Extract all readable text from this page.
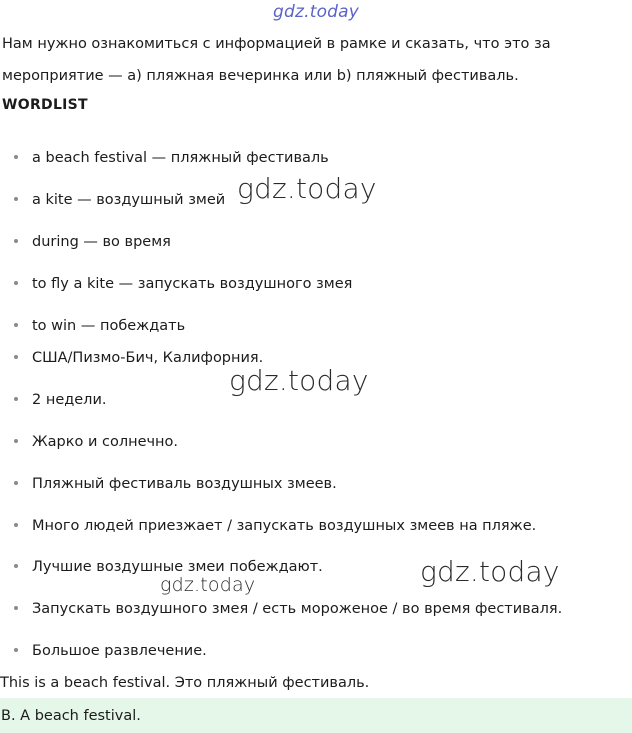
gdz.today
Нам нужно ознакомиться с информацией в рамке и сказать, что это за
мероприятие — a) пляжная вечеринка или b) пляжный фестиваль.
WORDLIST
a beach festival — пляжный фестиваль
a kite — воздушный змей
during — во время
to fly a kite — запускать воздушного змея
to win — побеждать
США/Пизмо-Бич, Калифорния.
2 недели.
Жарко и солнечно.
Пляжный фестиваль воздушных змеев.
Много людей приезжает / запускать воздушных змеев на пляже.
Лучшие воздушные змеи побеждают.
Запускать воздушного змея / есть мороженое / во время фестиваля.
Большое развлечение.
This is a beach festival. Это пляжный фестиваль.
B. A beach festival.
gdz.today
gdz.today
gdz.today
gdz.today
